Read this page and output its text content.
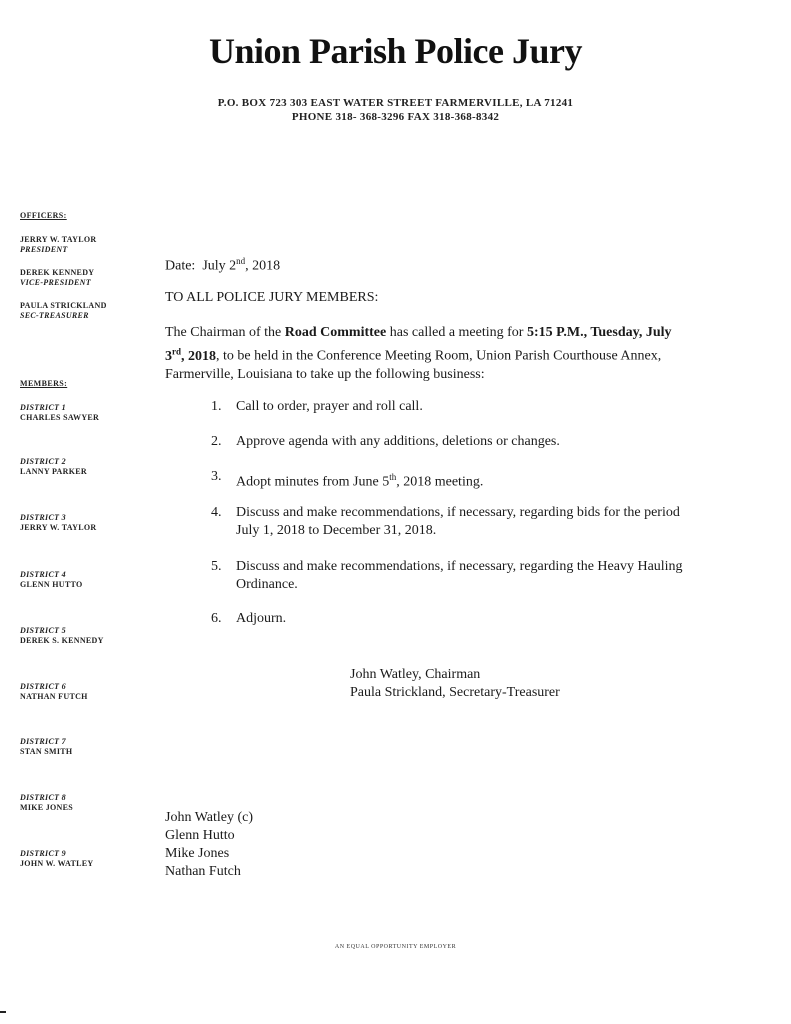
Union Parish Police Jury
P.O. BOX 723 303 EAST WATER STREET FARMERVILLE, LA 71241
PHONE 318- 368-3296 FAX 318-368-8342
OFFICERS:
JERRY W. TAYLOR
PRESIDENT
DEREK KENNEDY
VICE-PRESIDENT
PAULA STRICKLAND
SEC-TREASURER
MEMBERS:
DISTRICT 1
CHARLES SAWYER
DISTRICT 2
LANNY PARKER
DISTRICT 3
JERRY W. TAYLOR
DISTRICT 4
GLENN HUTTO
DISTRICT 5
DEREK S. KENNEDY
DISTRICT 6
NATHAN FUTCH
DISTRICT 7
STAN SMITH
DISTRICT 8
MIKE JONES
DISTRICT 9
JOHN W. WATLEY
Date: July 2nd, 2018
TO ALL POLICE JURY MEMBERS:
The Chairman of the Road Committee has called a meeting for 5:15 P.M., Tuesday, July 3rd, 2018, to be held in the Conference Meeting Room, Union Parish Courthouse Annex, Farmerville, Louisiana to take up the following business:
1.	Call to order, prayer and roll call.
2.	Approve agenda with any additions, deletions or changes.
3.	Adopt minutes from June 5th, 2018 meeting.
4.	Discuss and make recommendations, if necessary, regarding bids for the period July 1, 2018 to December 31, 2018.
5.	Discuss and make recommendations, if necessary, regarding the Heavy Hauling Ordinance.
6.	Adjourn.
John Watley, Chairman
Paula Strickland, Secretary-Treasurer
John Watley (c)
Glenn Hutto
Mike Jones
Nathan Futch
AN EQUAL OPPORTUNITY EMPLOYER
